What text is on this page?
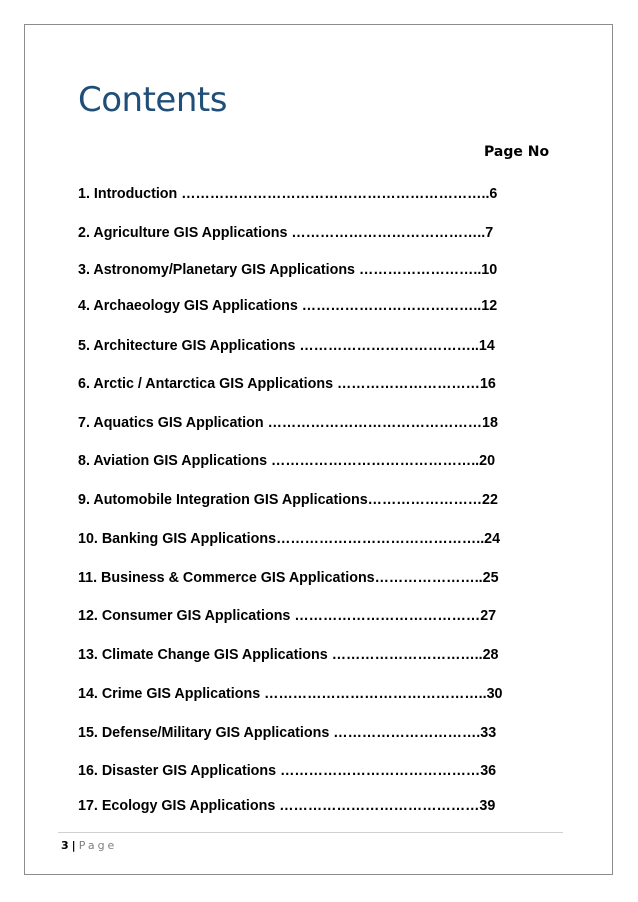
Contents
Page No
1. Introduction ………………………………………………………..6
2. Agriculture GIS Applications …………………………………..7
3. Astronomy/Planetary GIS Applications ……………………..10
4. Archaeology GIS Applications ………………………………..12
5. Architecture GIS Applications ………………………………..14
6. Arctic / Antarctica GIS Applications …………………………16
7. Aquatics GIS Application ………………………………………18
8. Aviation GIS Applications ……………………………………..20
9. Automobile Integration GIS Applications……………………22
10. Banking GIS Applications……………………………………..24
11. Business & Commerce GIS Applications…………………..25
12. Consumer GIS Applications …………………………………27
13. Climate Change GIS Applications …………………………..28
14. Crime GIS Applications ………………………………………..30
15. Defense/Military GIS Applications ………………………….33
16. Disaster GIS Applications ……………………………………36
17. Ecology GIS Applications ……………………………………39
3 | Page
